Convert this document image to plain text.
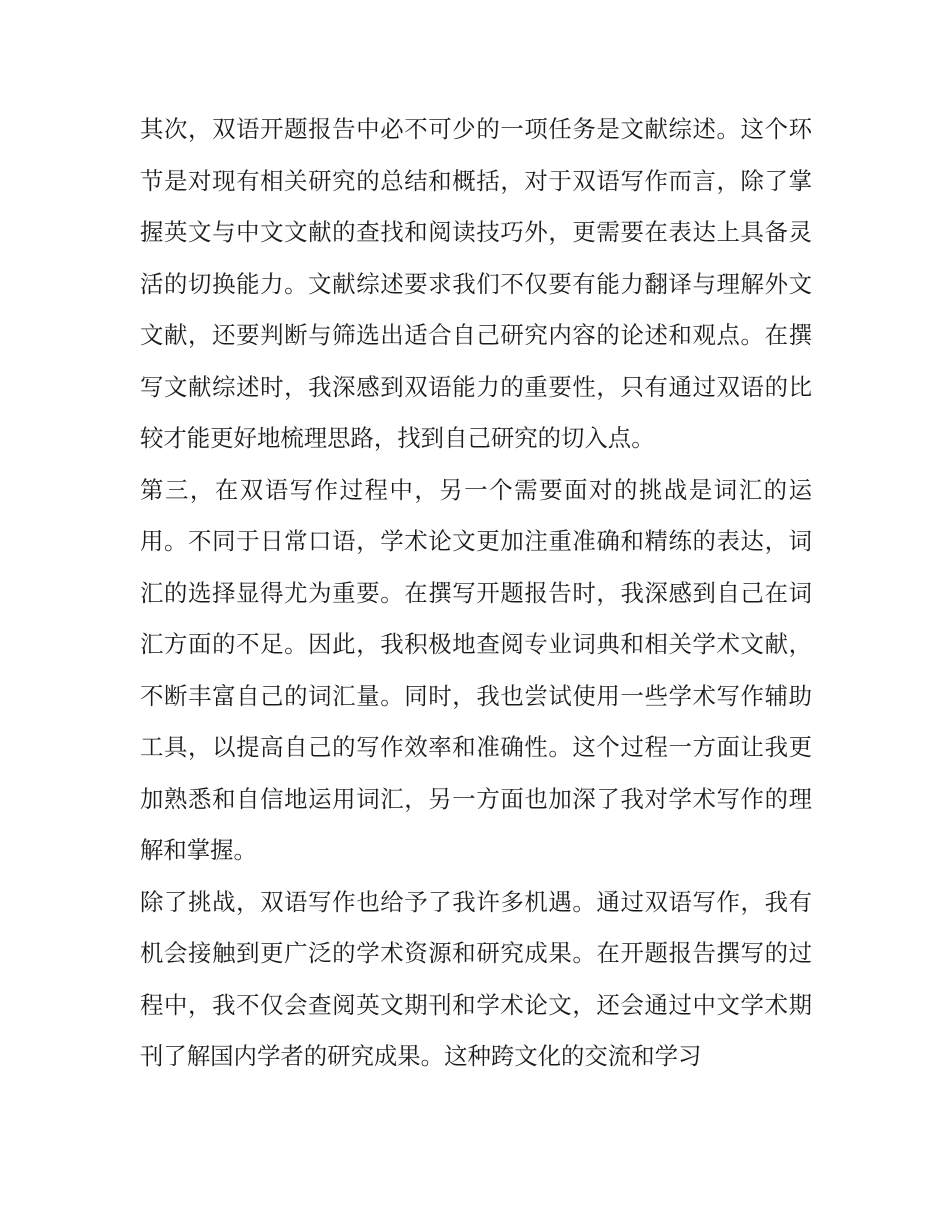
其次，双语开题报告中必不可少的一项任务是文献综述。这个环节是对现有相关研究的总结和概括，对于双语写作而言，除了掌握英文与中文文献的查找和阅读技巧外，更需要在表达上具备灵活的切换能力。文献综述要求我们不仅要有能力翻译与理解外文文献，还要判断与筛选出适合自己研究内容的论述和观点。在撰写文献综述时，我深感到双语能力的重要性，只有通过双语的比较才能更好地梳理思路，找到自己研究的切入点。

第三，在双语写作过程中，另一个需要面对的挑战是词汇的运用。不同于日常口语，学术论文更加注重准确和精练的表达，词汇的选择显得尤为重要。在撰写开题报告时，我深感到自己在词汇方面的不足。因此，我积极地查阅专业词典和相关学术文献，不断丰富自己的词汇量。同时，我也尝试使用一些学术写作辅助工具，以提高自己的写作效率和准确性。这个过程一方面让我更加熟悉和自信地运用词汇，另一方面也加深了我对学术写作的理解和掌握。

除了挑战，双语写作也给予了我许多机遇。通过双语写作，我有机会接触到更广泛的学术资源和研究成果。在开题报告撰写的过程中，我不仅会查阅英文期刊和学术论文，还会通过中文学术期刊了解国内学者的研究成果。这种跨文化的交流和学习
